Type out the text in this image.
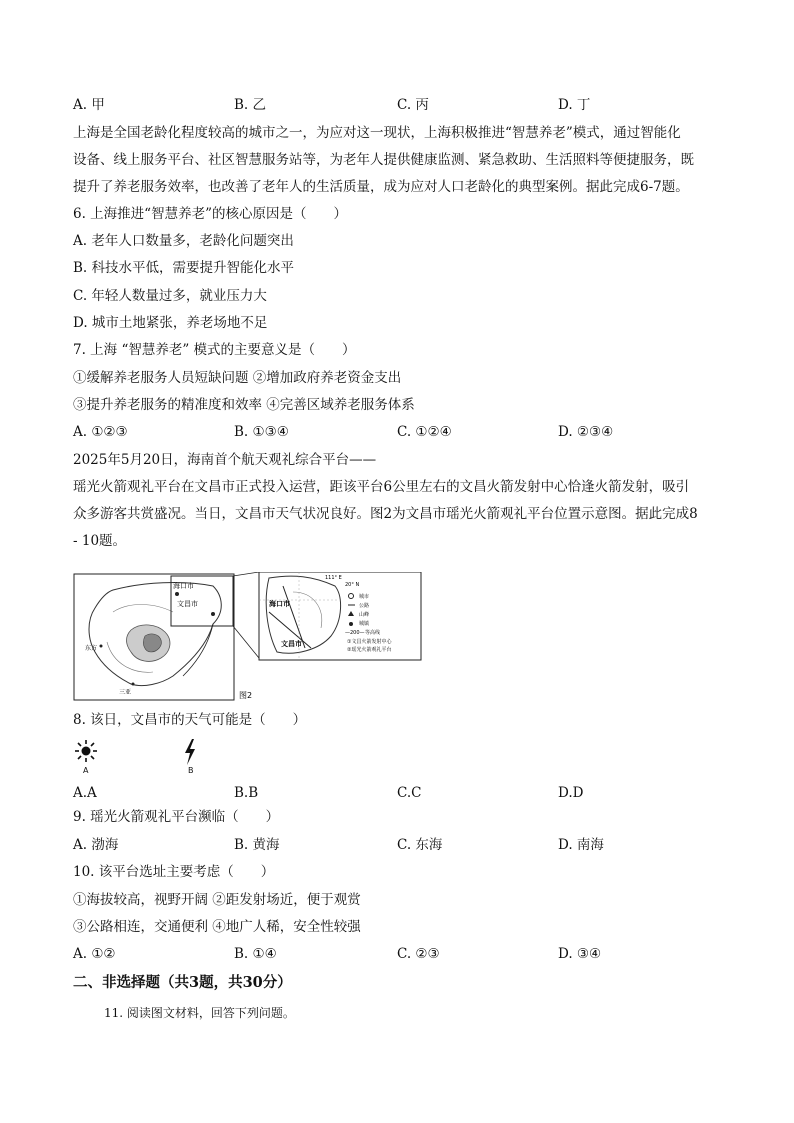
A. 甲	B. 乙	C. 丙	D. 丁
上海是全国老龄化程度较高的城市之一，为应对这一现状，上海积极推进“智慧养老”模式，通过智能化
设备、线上服务平台、社区智慧服务站等，为老年人提供健康监测、紧急救助、生活照料等便捷服务，既
提升了养老服务效率，也改善了老年人的生活质量，成为应对人口老龄化的典型案例。据此完成6-7题。
6. 上海推进“智慧养老”的核心原因是（　　）
A. 老年人口数量多，老龄化问题突出
B. 科技水平低，需要提升智能化水平
C. 年轻人数量过多，就业压力大
D. 城市土地紧张，养老场地不足
7. 上海 “智慧养老” 模式的主要意义是（　　）
①缓解养老服务人员短缺问题 ②增加政府养老资金支出
③提升养老服务的精准度和效率 ④完善区域养老服务体系
A. ①②③	B. ①③④	C. ①②④	D. ②③④
2025年5月20日，海南首个航天观礼综合平台——
瑶光火箭观礼平台在文昌市正式投入运营，距该平台6公里左右的文昌火箭发射中心恰逢火箭发射，吸引
众多游客共赏盛况。当日，文昌市天气状况良好。图2为文昌市瑶光火箭观礼平台位置示意图。据此完成8
- 10题。
海口市
文昌市
东方
三亚	图2
海口市
文昌市
111° E
20° N
城市
公路
山峰
城镇
—200— 等高线
①文昌火箭发射中心
②瑶光火箭观礼平台
8. 该日，文昌市的天气可能是（　　）
A	B
A.A	B.B	C.C	D.D
9. 瑶光火箭观礼平台濒临（　　）
A. 渤海	B. 黄海	C. 东海	D. 南海
10. 该平台选址主要考虑（　　）
①海拔较高，视野开阔 ②距发射场近，便于观赏
③公路相连，交通便利 ④地广人稀，安全性较强
A. ①②	B. ①④	C. ②③	D. ③④
二、非选择题（共3题，共30分）
11. 阅读图文材料，回答下列问题。
